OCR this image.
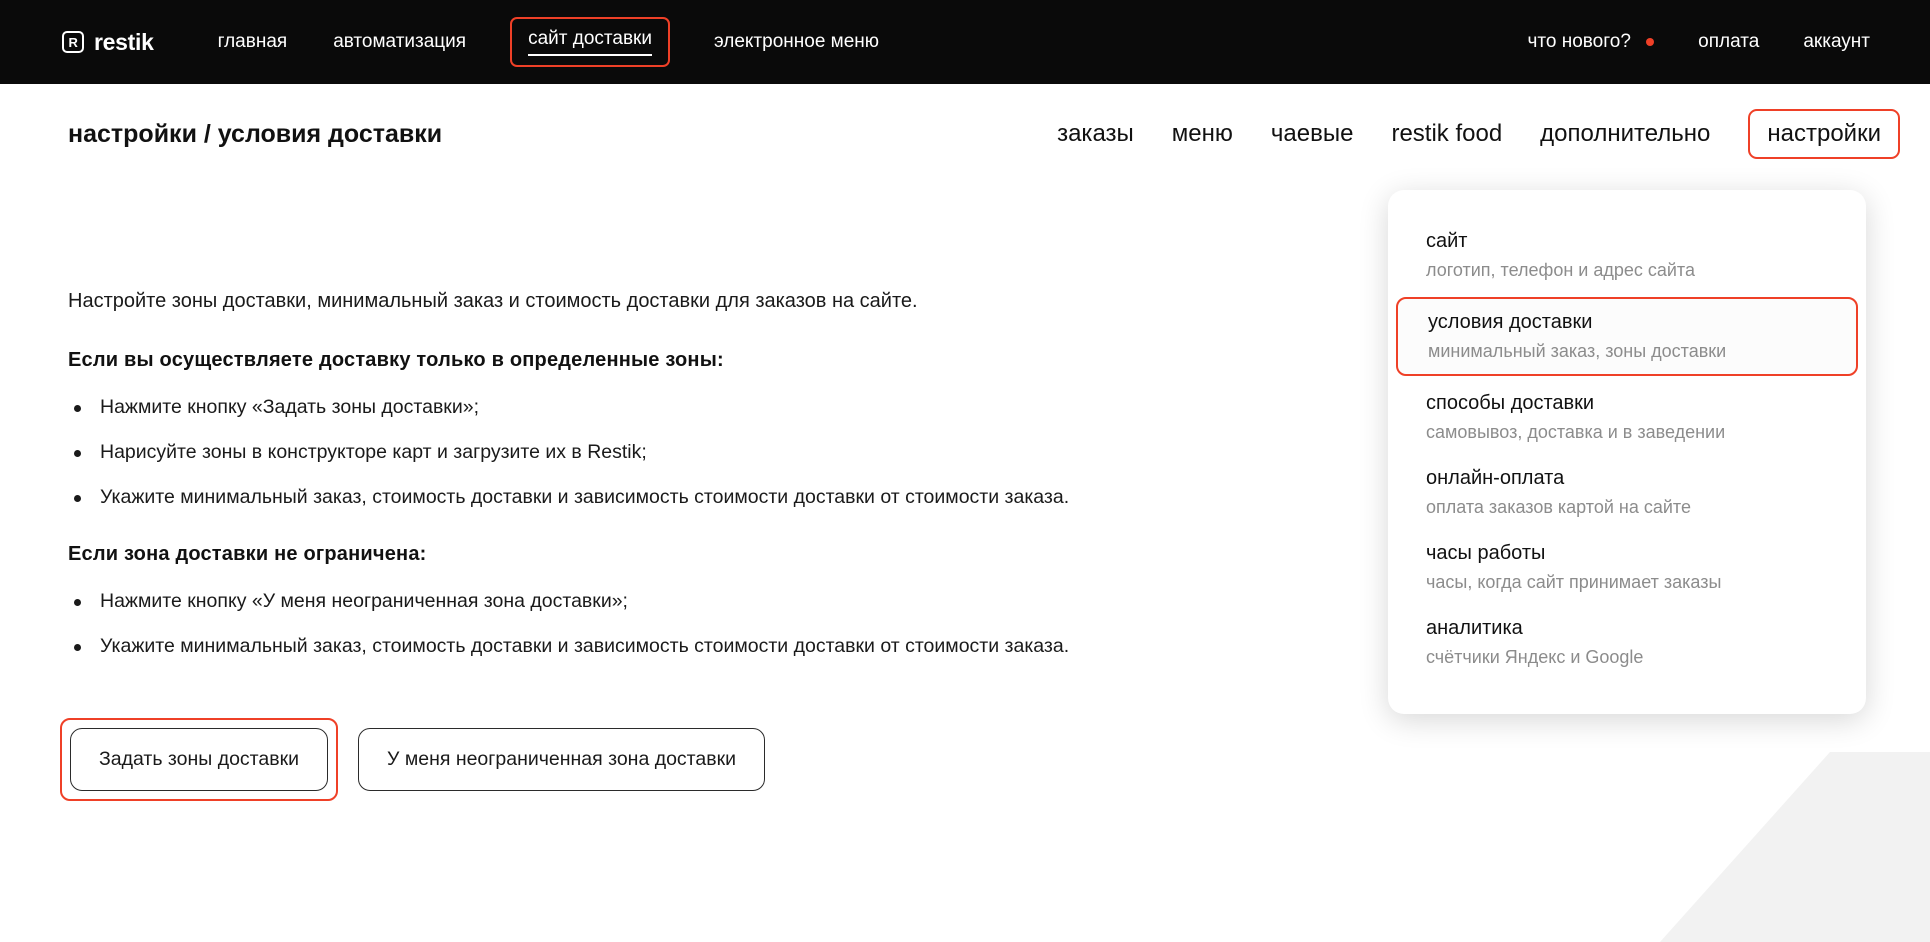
R restik	главная автоматизация	сайт доставки	электронное меню	что нового?	оплата аккаунт
настройки / условия доставки	заказы меню чаевые restik food дополнительно	настройки

Настройте зоны доставки, минимальный заказ и стоимость доставки для заказов на сайте.

Если вы осуществляете доставку только в определенные зоны:
Нажмите кнопку «Задать зоны доставки»;
Нарисуйте зоны в конструкторе карт и загрузите их в Restik;
Укажите минимальный заказ, стоимость доставки и зависимость стоимости доставки от стоимости заказа.
Если зона доставки не ограничена:
Нажмите кнопку «У меня неограниченная зона доставки»;
Укажите минимальный заказ, стоимость доставки и зависимость стоимости доставки от стоимости заказа.
Задать зоны доставки	У меня неограниченная зона доставки
сайт
логотип, телефон и адрес сайта
условия доставки
минимальный заказ, зоны доставки
способы доставки
самовывоз, доставка и в заведении
онлайн-оплата
оплата заказов картой на сайте
часы работы
часы, когда сайт принимает заказы
аналитика
счётчики Яндекс и Google
